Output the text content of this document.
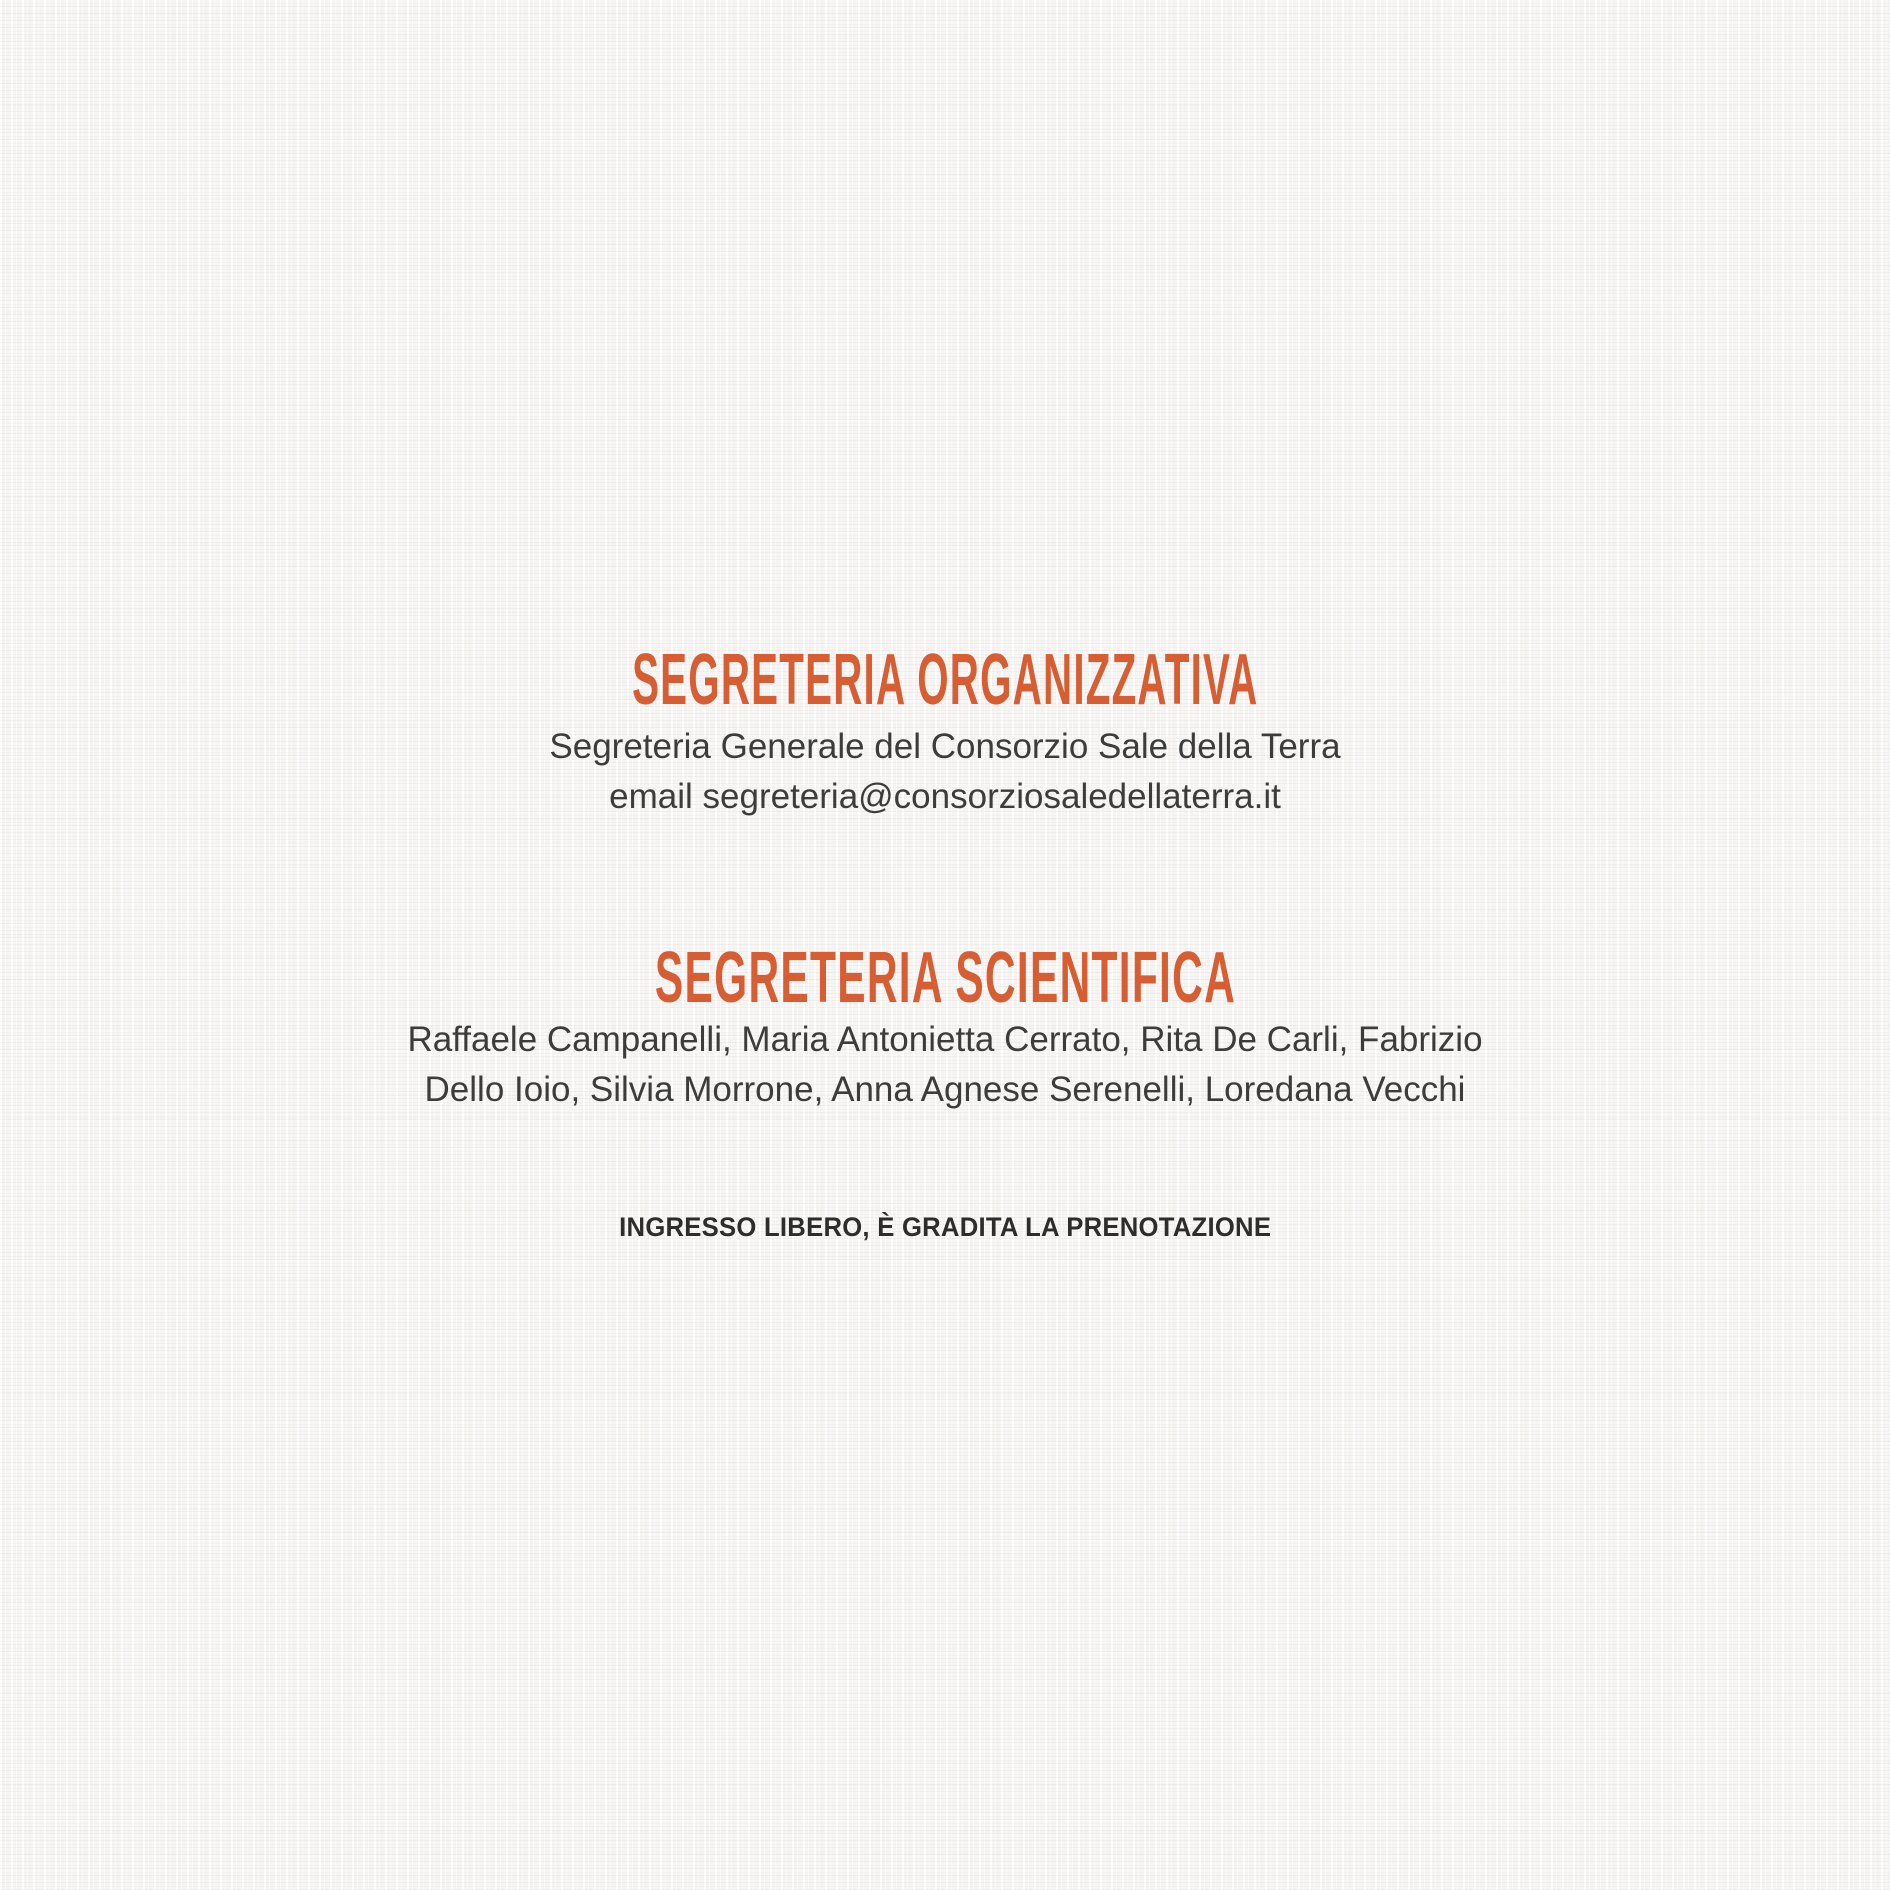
SEGRETERIA ORGANIZZATIVA
Segreteria Generale del Consorzio Sale della Terra
email segreteria@consorziosaledellaterra.it
SEGRETERIA SCIENTIFICA
Raffaele Campanelli, Maria Antonietta Cerrato, Rita De Carli, Fabrizio
Dello Ioio, Silvia Morrone, Anna Agnese Serenelli, Loredana Vecchi
INGRESSO LIBERO, È GRADITA LA PRENOTAZIONE
